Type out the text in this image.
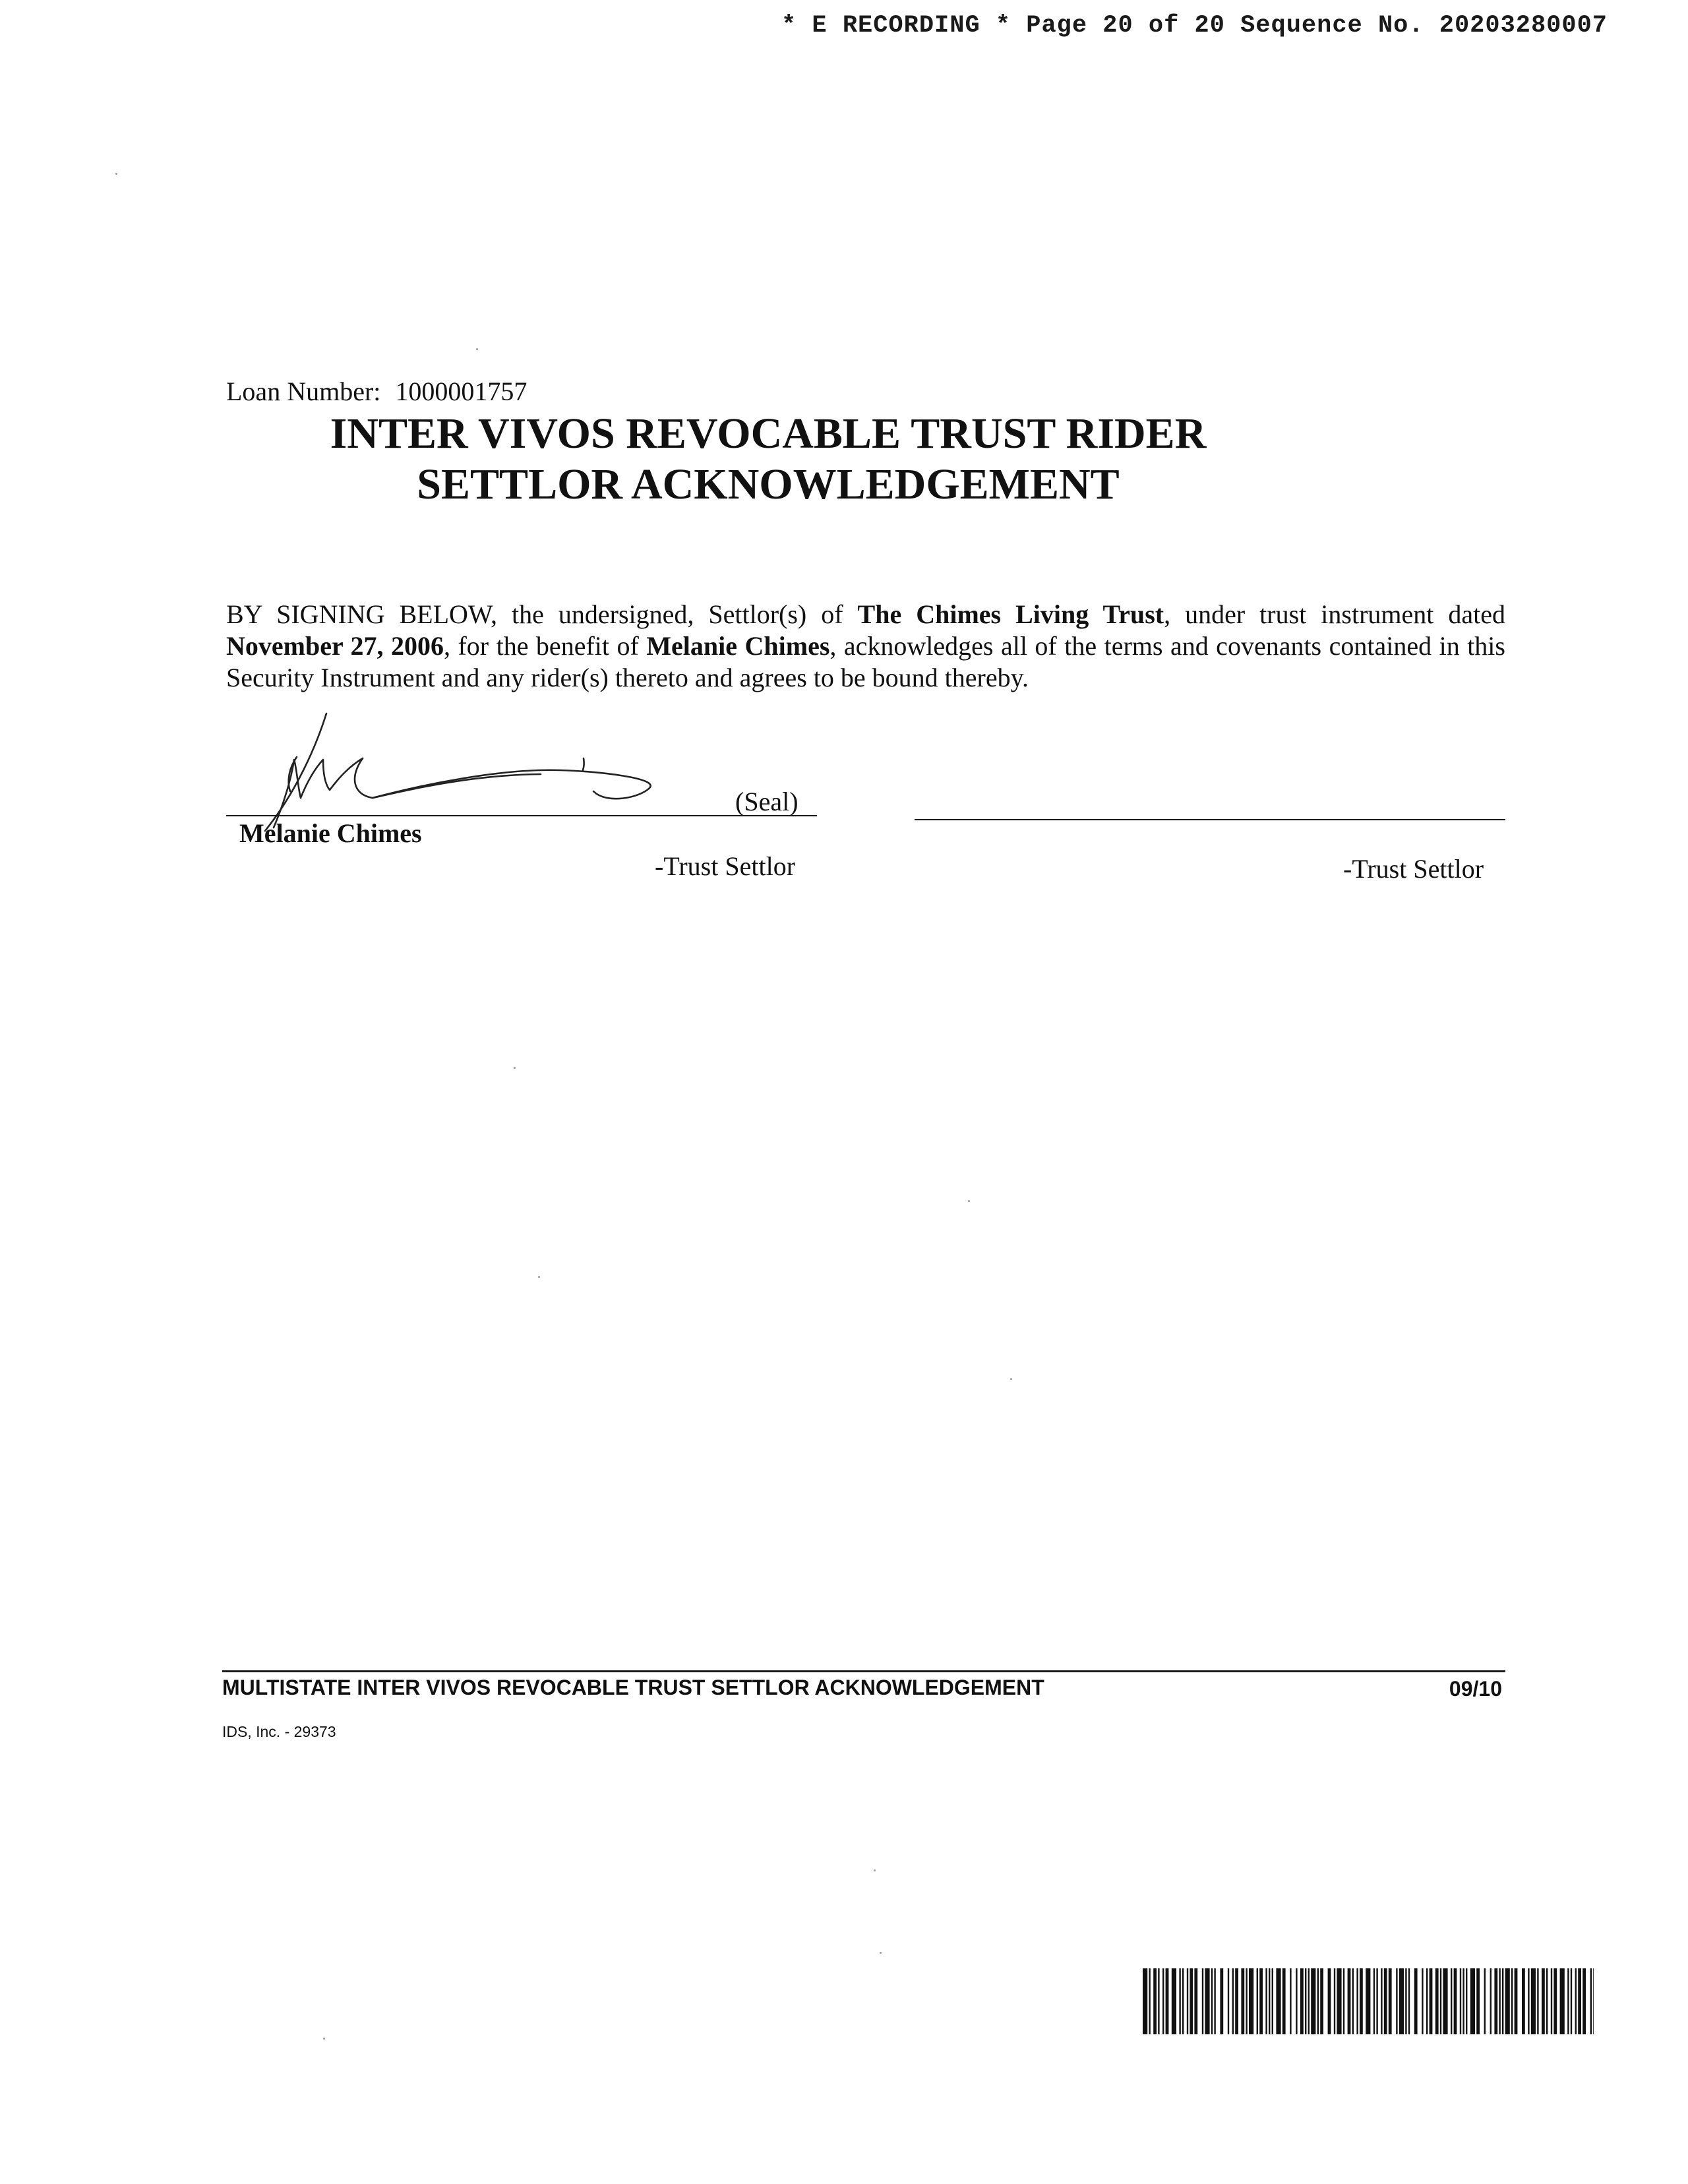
* E RECORDING * Page 20 of 20 Sequence No. 20203280007
Loan Number: 1000001757
INTER VIVOS REVOCABLE TRUST RIDER
SETTLOR ACKNOWLEDGEMENT
BY SIGNING BELOW, the undersigned, Settlor(s) of The Chimes Living Trust, under trust instrument dated November 27, 2006, for the benefit of Melanie Chimes, acknowledges all of the terms and covenants contained in this Security Instrument and any rider(s) thereto and agrees to be bound thereby.
(Seal)
Melanie Chimes
-Trust Settlor	-Trust Settlor
MULTISTATE INTER VIVOS REVOCABLE TRUST SETTLOR ACKNOWLEDGEMENT	09/10
IDS, Inc. - 29373
